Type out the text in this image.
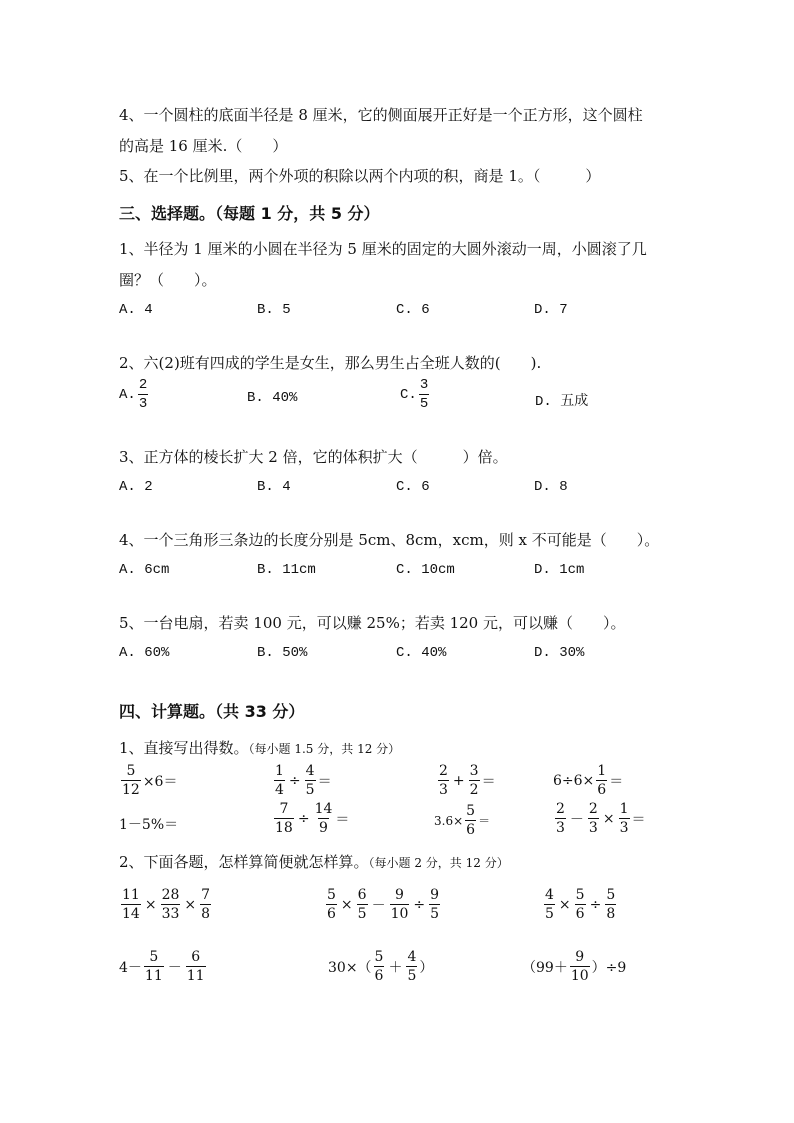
4、一个圆柱的底面半径是 8 厘米，它的侧面展开正好是一个正方形，这个圆柱
的高是 16 厘米.（　　）
5、在一个比例里，两个外项的积除以两个内项的积，商是 1。（　　　）
三、选择题。（每题 1 分，共 5 分）
1、半径为 1 厘米的小圆在半径为 5 厘米的固定的大圆外滚动一周，小圆滚了几
圈？（　　）。
A. 4	B. 5	C. 6	D. 7
2、六(2)班有四成的学生是女生，那么男生占全班人数的(　　).
A. $\frac{2}{3}$	B. 40%	C. $\frac{3}{5}$	D. 五成
3、正方体的棱长扩大 2 倍，它的体积扩大（　　　）倍。
A. 2	B. 4	C. 6	D. 8
4、一个三角形三条边的长度分别是 5cm、8cm，xcm，则 x 不可能是（　　）。
A. 6cm	B. 11cm	C. 10cm	D. 1cm
5、一台电扇，若卖 100 元，可以赚 25%；若卖 120 元，可以赚（　　）。
A. 60%	B. 50%	C. 40%	D. 30%
四、计算题。（共 33 分）
1、直接写出得数。（每小题 1.5 分，共 12 分）
$\frac{5}{12} \times 6=$	$\frac{1}{4} \div \frac{4}{5}$ ＝	$\frac{2}{3} + \frac{3}{2}$ ＝	$6\div 6\times \frac{1}{6}$ ＝
1－5%＝	$\frac{7}{18} \div \frac{14}{9}$ ＝	$3.6\times \frac{5}{6}$ ＝	$\frac{2}{3} - \frac{2}{3} \times \frac{1}{3}$ ＝
2、下面各题，怎样算简便就怎样算。（每小题 2 分，共 12 分）
$\frac{11}{14} \times \frac{28}{33} \times \frac{7}{8}$	$\frac{5}{6} \times \frac{6}{5} - \frac{9}{10} \div \frac{9}{5}$	$\frac{4}{5} \times \frac{5}{6} \div \frac{5}{8}$
$4- \frac{5}{11} - \frac{6}{11}$	$30\times( \frac{5}{6} + \frac{4}{5}$ ）	$(99+ \frac{9}{10} )\div 9$
